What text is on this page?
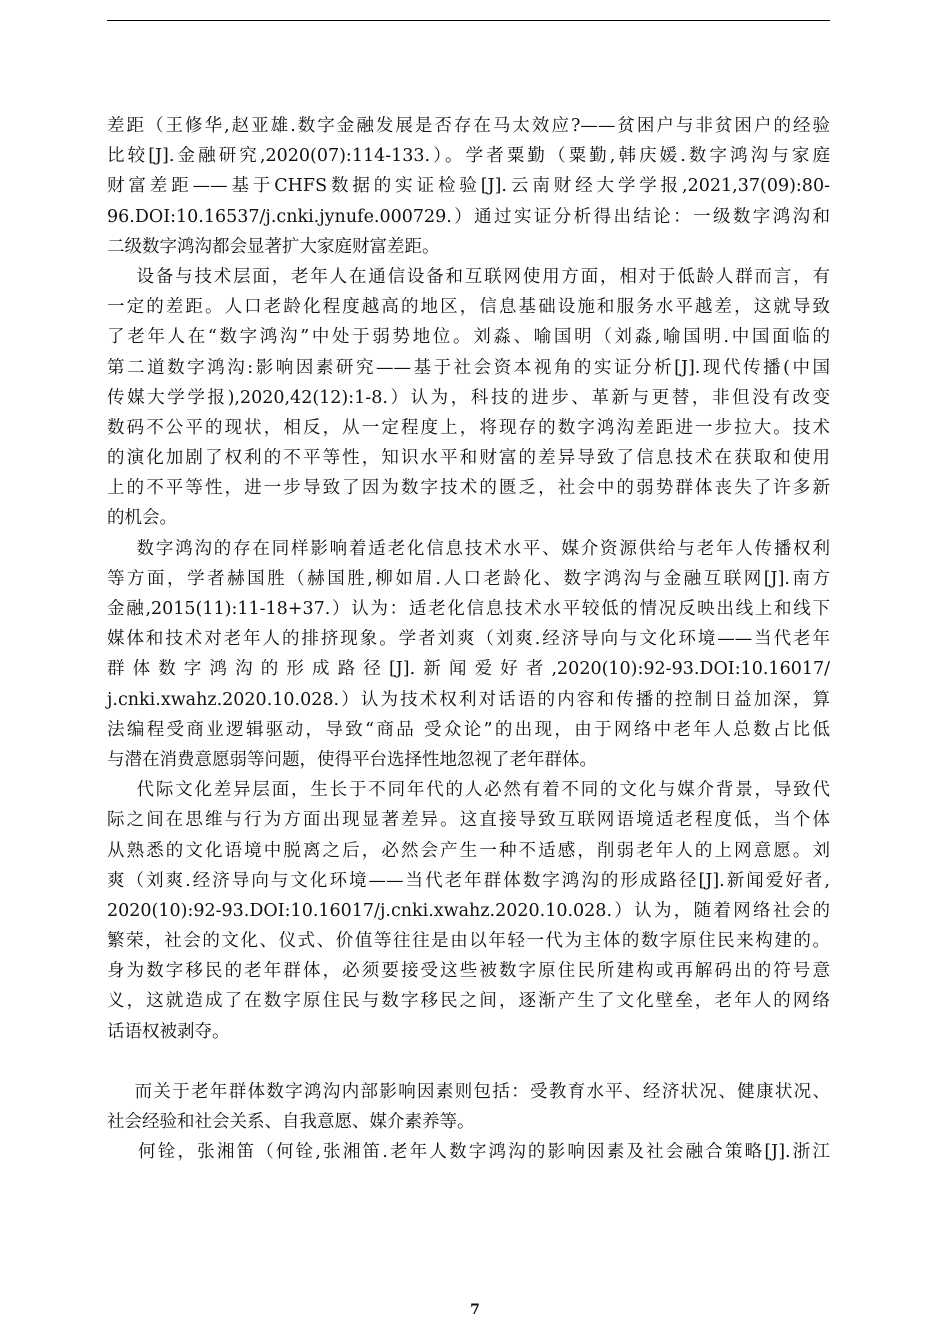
差距（王修华,赵亚雄.数字金融发展是否存在马太效应?——贫困户与非贫困户的经验
比较[J].金融研究,2020(07):114-133.）。学者粟勤（粟勤,韩庆媛.数字鸿沟与家庭
财富差距——基于CHFS数据的实证检验[J].云南财经大学学报,2021,37(09):80-
96.DOI:10.16537/j.cnki.jynufe.000729.）通过实证分析得出结论：一级数字鸿沟和
二级数字鸿沟都会显著扩大家庭财富差距。
设备与技术层面，老年人在通信设备和互联网使用方面，相对于低龄人群而言，有
一定的差距。人口老龄化程度越高的地区，信息基础设施和服务水平越差，这就导致
了老年人在“数字鸿沟”中处于弱势地位。刘淼、喻国明（刘淼,喻国明.中国面临的
第二道数字鸿沟:影响因素研究——基于社会资本视角的实证分析[J].现代传播(中国
传媒大学学报),2020,42(12):1-8.）认为，科技的进步、革新与更替，非但没有改变
数码不公平的现状，相反，从一定程度上，将现存的数字鸿沟差距进一步拉大。技术
的演化加剧了权利的不平等性，知识水平和财富的差异导致了信息技术在获取和使用
上的不平等性，进一步导致了因为数字技术的匮乏，社会中的弱势群体丧失了许多新
的机会。
数字鸿沟的存在同样影响着适老化信息技术水平、媒介资源供给与老年人传播权利
等方面，学者赫国胜（赫国胜,柳如眉.人口老龄化、数字鸿沟与金融互联网[J].南方
金融,2015(11):11-18+37.）认为：适老化信息技术水平较低的情况反映出线上和线下
媒体和技术对老年人的排挤现象。学者刘爽（刘爽.经济导向与文化环境——当代老年
群体数字鸿沟的形成路径[J].新闻爱好者,2020(10):92-93.DOI:10.16017/
j.cnki.xwahz.2020.10.028.）认为技术权利对话语的内容和传播的控制日益加深，算
法编程受商业逻辑驱动，导致“商品 受众论”的出现，由于网络中老年人总数占比低
与潜在消费意愿弱等问题，使得平台选择性地忽视了老年群体。
代际文化差异层面，生长于不同年代的人必然有着不同的文化与媒介背景，导致代
际之间在思维与行为方面出现显著差异。这直接导致互联网语境适老程度低，当个体
从熟悉的文化语境中脱离之后，必然会产生一种不适感，削弱老年人的上网意愿。刘
爽（刘爽.经济导向与文化环境——当代老年群体数字鸿沟的形成路径[J].新闻爱好者,
2020(10):92-93.DOI:10.16017/j.cnki.xwahz.2020.10.028.）认为，随着网络社会的
繁荣，社会的文化、仪式、价值等往往是由以年轻一代为主体的数字原住民来构建的。
身为数字移民的老年群体，必须要接受这些被数字原住民所建构或再解码出的符号意
义，这就造成了在数字原住民与数字移民之间，逐渐产生了文化壁垒，老年人的网络
话语权被剥夺。
而关于老年群体数字鸿沟内部影响因素则包括：受教育水平、经济状况、健康状况、
社会经验和社会关系、自我意愿、媒介素养等。
何铨，张湘笛（何铨,张湘笛.老年人数字鸿沟的影响因素及社会融合策略[J].浙江
7
